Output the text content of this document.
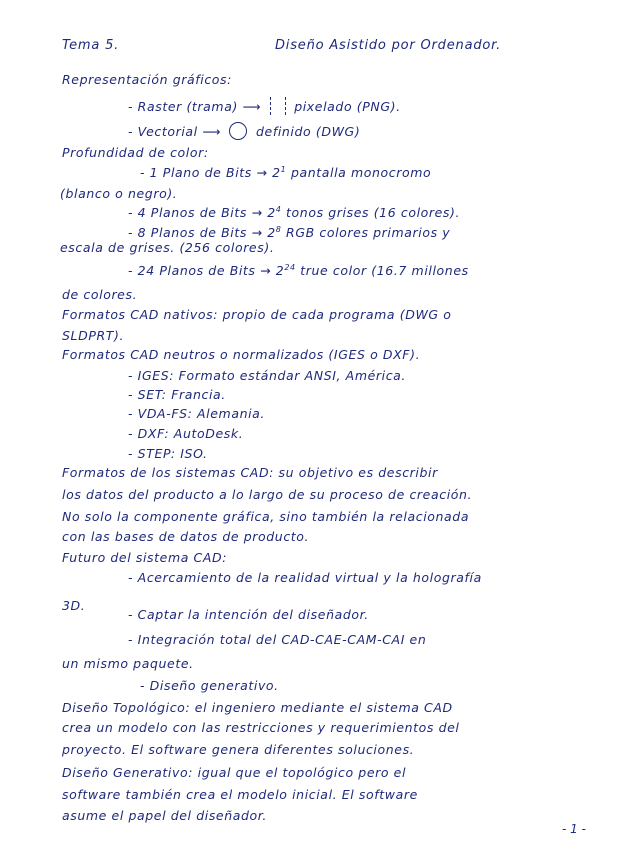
Tema 5.	Diseño Asistido por Ordenador.
Representación gráficos:
- Raster (trama) ⟶	pixelado (PNG).
- Vectorial ⟶	definido (DWG)
Profundidad de color:
- 1 Plano de Bits → $2^1$ pantalla monocromo
(blanco o negro).
- 4 Planos de Bits → $2^4$ tonos grises (16 colores).
- 8 Planos de Bits → $2^8$ RGB colores primarios y
escala de grises. (256 colores).
- 24 Planos de Bits → $2^{24}$ true color (16.7 millones
de colores.
Formatos CAD nativos: propio de cada programa (DWG o
SLDPRT).
Formatos CAD neutros o normalizados (IGES o DXF).
- IGES: Formato estándar ANSI, América.
- SET: Francia.
- VDA-FS: Alemania.
- DXF: AutoDesk.
- STEP: ISO.
Formatos de los sistemas CAD: su objetivo es describir
los datos del producto a lo largo de su proceso de creación.
No solo la componente gráfica, sino también la relacionada
con las bases de datos de producto.
Futuro del sistema CAD:
- Acercamiento de la realidad virtual y la holografía
3D.
- Captar la intención del diseñador.
- Integración total del CAD-CAE-CAM-CAI en
un mismo paquete.
- Diseño generativo.
Diseño Topológico: el ingeniero mediante el sistema CAD
crea un modelo con las restricciones y requerimientos del
proyecto. El software genera diferentes soluciones.
Diseño Generativo: igual que el topológico pero el
software también crea el modelo inicial. El software
asume el papel del diseñador.
- 1 -
